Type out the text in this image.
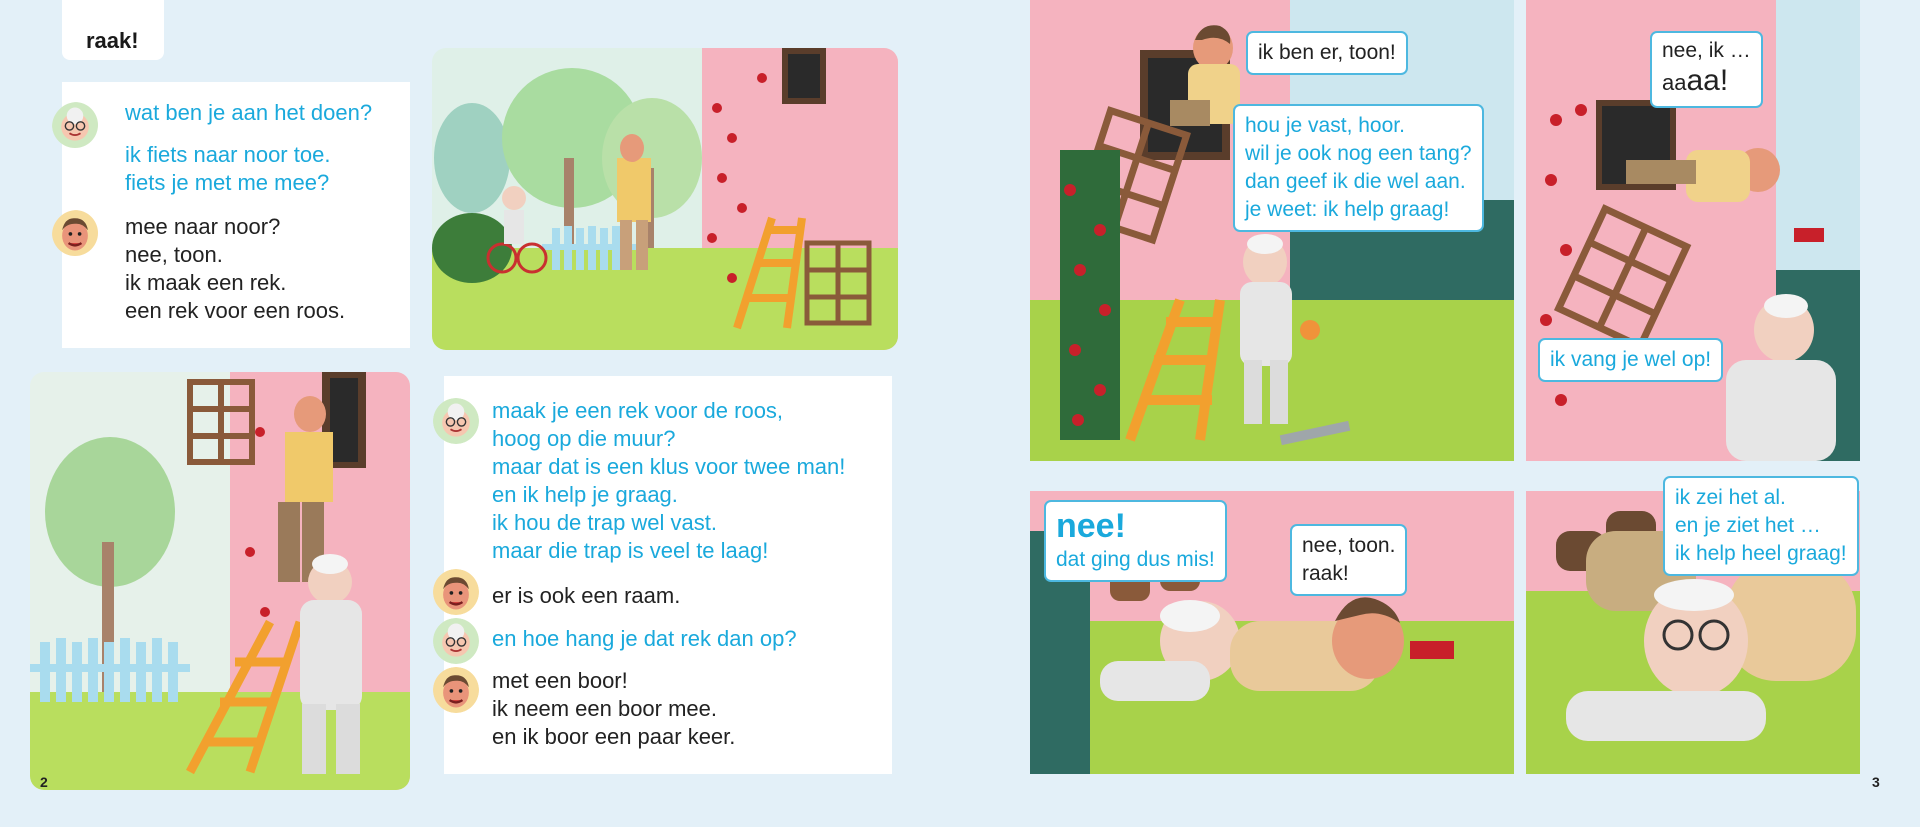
raak!
wat ben je aan het doen?
ik fiets naar noor toe.
fiets je met me mee?
mee naar noor?
nee, toon.
ik maak een rek.
een rek voor een roos.
maak je een rek voor de roos,
hoog op die muur?
maar dat is een klus voor twee man!
en ik help je graag.
ik hou de trap wel vast.
maar die trap is veel te laag!
er is ook een raam.
en hoe hang je dat rek dan op?
met een boor!
ik neem een boor mee.
en ik boor een paar keer.
2
ik ben er, toon!
hou je vast, hoor.
wil je ook nog een tang?
dan geef ik die wel aan.
je weet: ik help graag!
nee, ik …
aaaa!
ik vang je wel op!
nee!
dat ging dus mis!
nee, toon.
raak!
ik zei het al.
en je ziet het …
ik help heel graag!
3
